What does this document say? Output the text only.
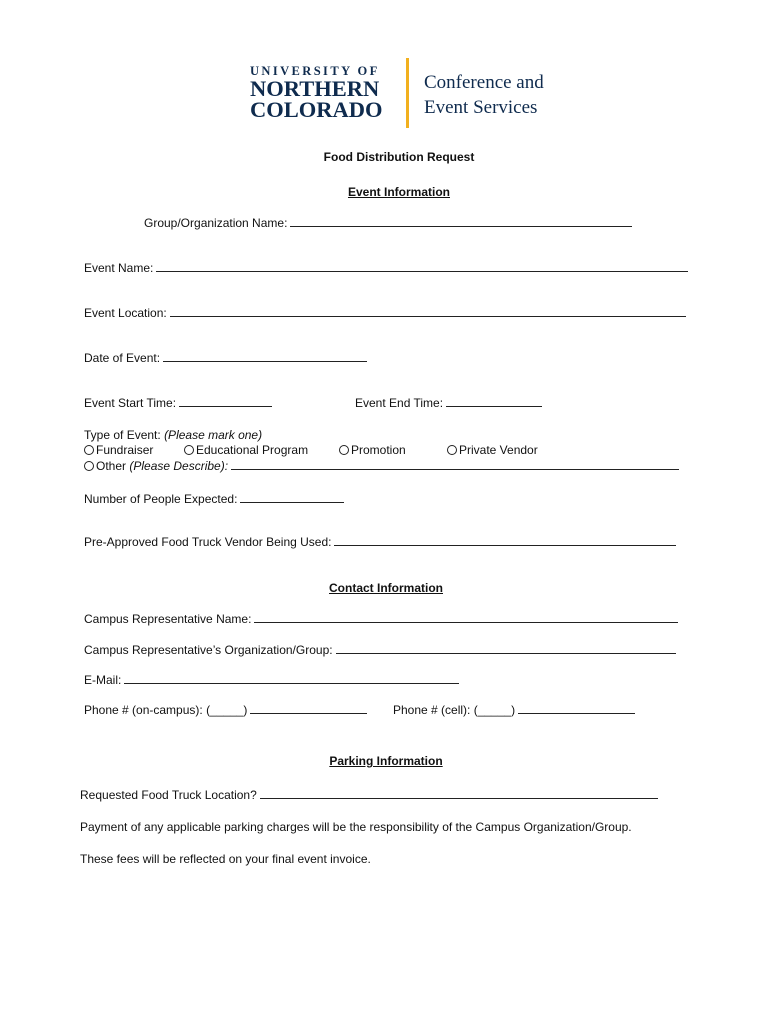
UNIVERSITY OF
NORTHERN
COLORADO
Conference and
Event Services
Food Distribution Request
Event Information
Group/Organization Name:
Event Name:
Event Location:
Date of Event:
Event Start Time:	Event End Time:
Type of Event: (Please mark one)
Fundraiser	Educational Program	Promotion	Private Vendor
Other (Please Describe):
Number of People Expected:
Pre-Approved Food Truck Vendor Being Used:
Contact Information
Campus Representative Name:
Campus Representative’s Organization/Group:
E-Mail:
Phone # (on-campus): (_____)	Phone # (cell): (_____)
Parking Information
Requested Food Truck Location?
Payment of any applicable parking charges will be the responsibility of the Campus Organization/Group.
These fees will be reflected on your final event invoice.
